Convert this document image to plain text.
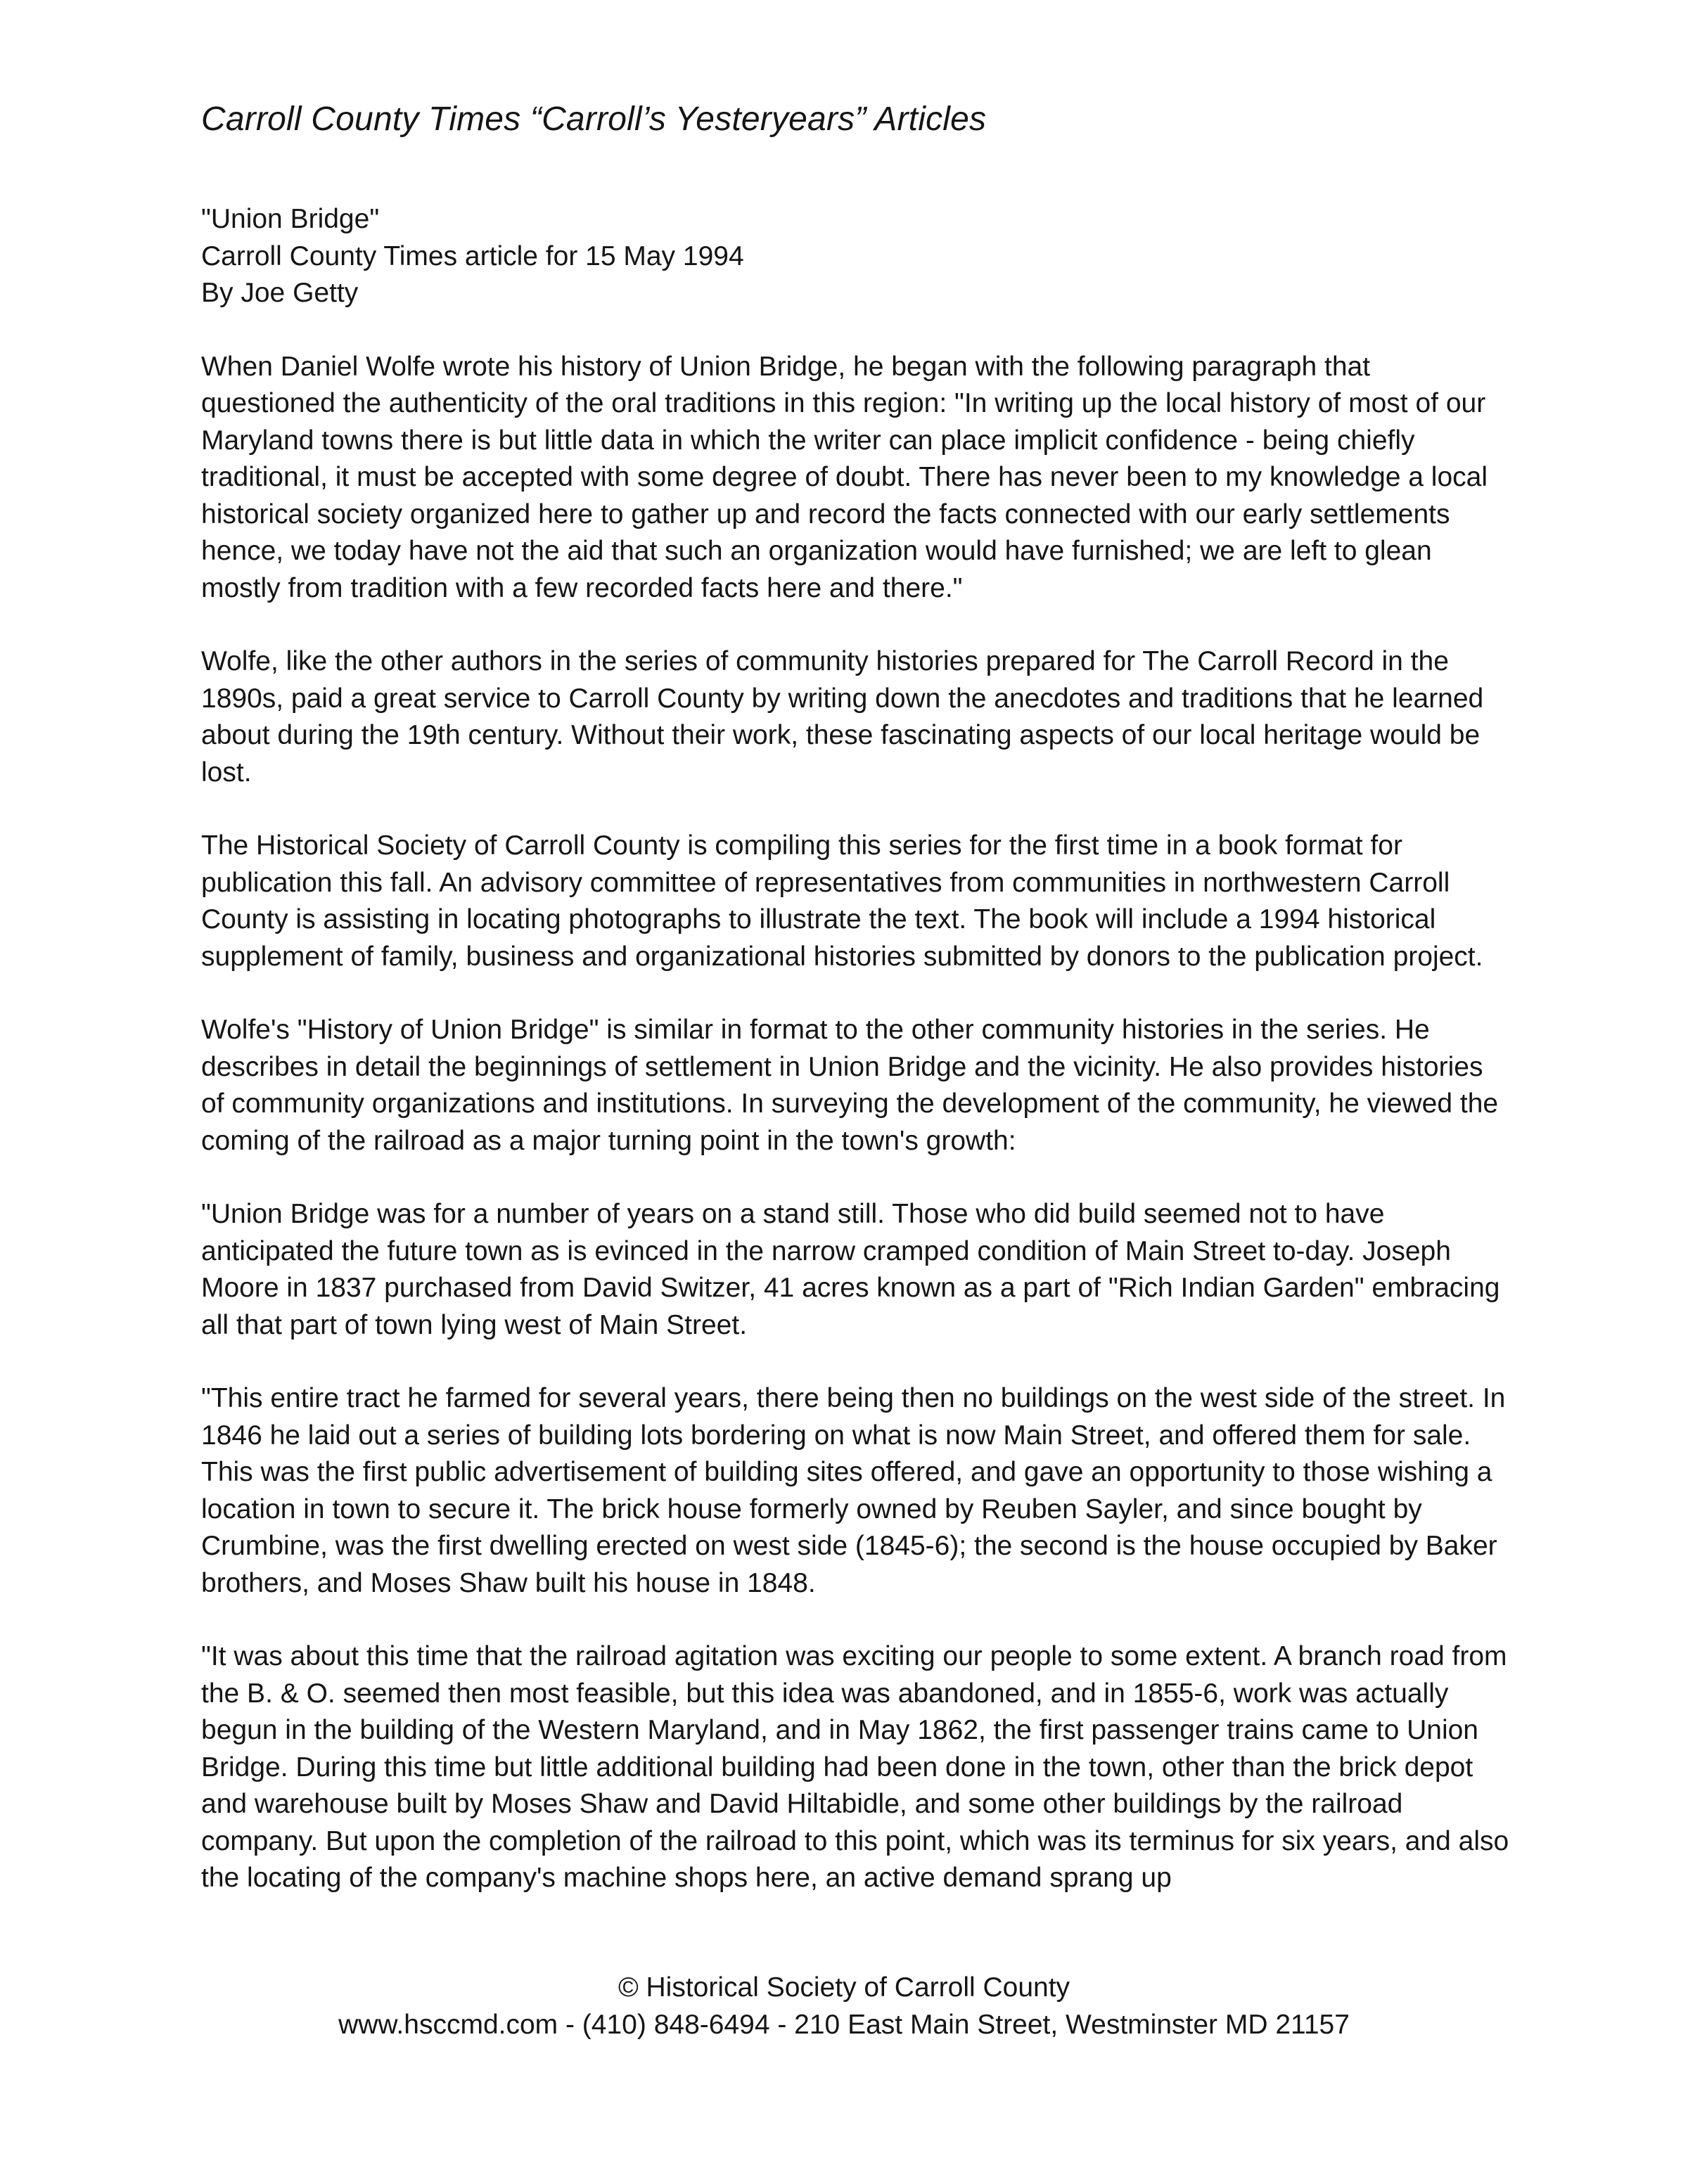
Carroll County Times “Carroll’s Yesteryears” Articles

"Union Bridge"

Carroll County Times article for 15 May 1994

By Joe Getty

When Daniel Wolfe wrote his history of Union Bridge, he began with the following paragraph that questioned the authenticity of the oral traditions in this region: "In writing up the local history of most of our Maryland towns there is but little data in which the writer can place implicit confidence - being chiefly traditional, it must be accepted with some degree of doubt. There has never been to my knowledge a local historical society organized here to gather up and record the facts connected with our early settlements hence, we today have not the aid that such an organization would have furnished; we are left to glean mostly from tradition with a few recorded facts here and there."

Wolfe, like the other authors in the series of community histories prepared for The Carroll Record in the 1890s, paid a great service to Carroll County by writing down the anecdotes and traditions that he learned about during the 19th century. Without their work, these fascinating aspects of our local heritage would be lost.

The Historical Society of Carroll County is compiling this series for the first time in a book format for publication this fall. An advisory committee of representatives from communities in northwestern Carroll County is assisting in locating photographs to illustrate the text. The book will include a 1994 historical supplement of family, business and organizational histories submitted by donors to the publication project.

Wolfe's "History of Union Bridge" is similar in format to the other community histories in the series. He describes in detail the beginnings of settlement in Union Bridge and the vicinity. He also provides histories of community organizations and institutions. In surveying the development of the community, he viewed the coming of the railroad as a major turning point in the town's growth:

"Union Bridge was for a number of years on a stand still. Those who did build seemed not to have anticipated the future town as is evinced in the narrow cramped condition of Main Street to-day. Joseph Moore in 1837 purchased from David Switzer, 41 acres known as a part of "Rich Indian Garden" embracing all that part of town lying west of Main Street.

"This entire tract he farmed for several years, there being then no buildings on the west side of the street. In 1846 he laid out a series of building lots bordering on what is now Main Street, and offered them for sale. This was the first public advertisement of building sites offered, and gave an opportunity to those wishing a location in town to secure it. The brick house formerly owned by Reuben Sayler, and since bought by Crumbine, was the first dwelling erected on west side (1845-6); the second is the house occupied by Baker brothers, and Moses Shaw built his house in 1848.

"It was about this time that the railroad agitation was exciting our people to some extent. A branch road from the B. & O. seemed then most feasible, but this idea was abandoned, and in 1855-6, work was actually begun in the building of the Western Maryland, and in May 1862, the first passenger trains came to Union Bridge. During this time but little additional building had been done in the town, other than the brick depot and warehouse built by Moses Shaw and David Hiltabidle, and some other buildings by the railroad company. But upon the completion of the railroad to this point, which was its terminus for six years, and also the locating of the company's machine shops here, an active demand sprang up

© Historical Society of Carroll County

www.hsccmd.com - (410) 848-6494 - 210 East Main Street, Westminster MD 21157
